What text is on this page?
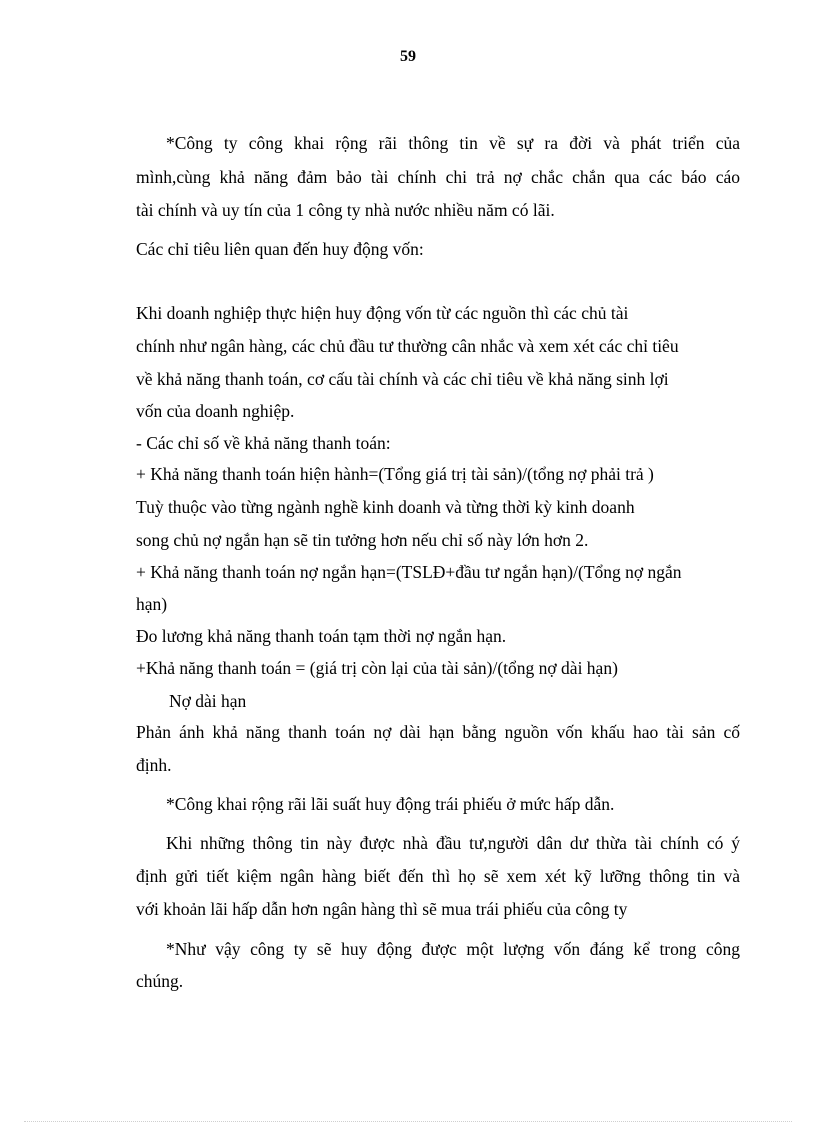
59
*Công ty công khai rộng rãi thông tin về sự ra đời và phát triển của
mình,cùng khả năng đảm bảo tài chính chi trả nợ chắc chắn qua các báo cáo
tài chính và uy tín của 1 công ty nhà nước nhiều năm có lãi.
Các chỉ tiêu liên quan đến huy động vốn:
Khi doanh nghiệp thực hiện huy động vốn từ các nguồn thì các chủ tài
chính như ngân hàng, các chủ đầu tư thường cân nhắc và xem xét các chỉ tiêu
về khả năng thanh toán, cơ cấu tài chính và các chỉ tiêu về khả năng sinh lợi
vốn của doanh nghiệp.
- Các chỉ số về khả năng thanh toán:
+ Khả năng thanh toán hiện hành=(Tổng giá trị tài sản)/(tổng nợ phải trả )
Tuỳ thuộc vào từng ngành nghề kinh doanh và từng thời kỳ kinh doanh
song chủ nợ ngắn hạn sẽ tin tưởng hơn nếu chỉ số này lớn hơn 2.
+ Khả năng thanh toán nợ ngắn hạn=(TSLĐ+đầu tư ngắn hạn)/(Tổng nợ ngắn
hạn)
Đo lương khả năng thanh toán tạm thời nợ ngắn hạn.
+Khả năng thanh toán = (giá trị còn lại của tài sản)/(tổng nợ dài hạn)
Nợ dài hạn
Phản ánh khả năng thanh toán nợ dài hạn bằng nguồn vốn khấu hao tài sản cố
định.
*Công khai rộng rãi lãi suất huy động trái phiếu ở mức hấp dẫn.
Khi những thông tin này được nhà đầu tư,người dân dư thừa tài chính có ý
định gửi tiết kiệm ngân hàng biết đến thì họ sẽ xem xét kỹ lưỡng thông tin và
với khoản lãi hấp dẫn hơn ngân hàng thì sẽ mua trái phiếu của công ty
*Như vậy công ty sẽ huy động được một lượng vốn đáng kể trong công
chúng.
